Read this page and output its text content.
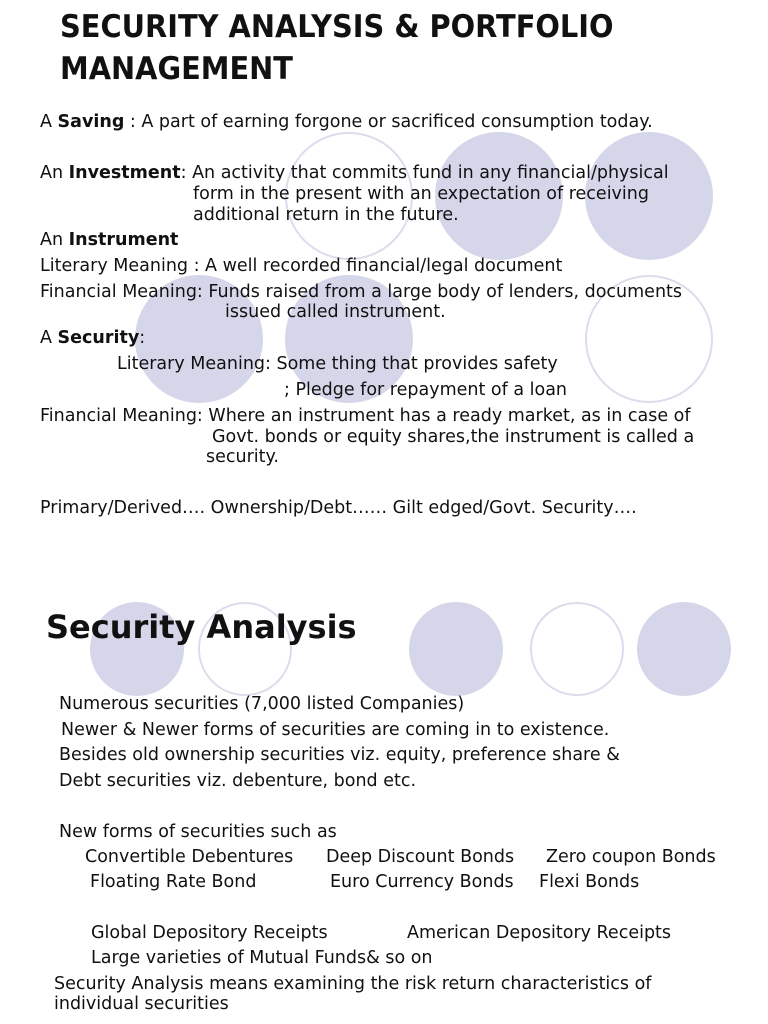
SECURITY ANALYSIS & PORTFOLIO
MANAGEMENT
A Saving : A part of earning forgone or sacrificed consumption today.
An Investment: An activity that commits fund in any financial/physical
form in the present with an expectation of receiving
additional return in the future.
An Instrument
Literary Meaning : A well recorded financial/legal document
Financial Meaning: Funds raised from a large body of lenders, documents
issued called instrument.
A Security:
Literary Meaning: Some thing that provides safety
; Pledge for repayment of a loan
Financial Meaning: Where an instrument has a ready market, as in case of
Govt. bonds or equity shares,the instrument is called a
security.
Primary/Derived…. Ownership/Debt…… Gilt edged/Govt. Security….
Security Analysis
Numerous securities (7,000 listed Companies)
Newer & Newer forms of securities are coming in to existence.
Besides old ownership securities viz. equity, preference share &
Debt securities viz. debenture, bond etc.
New forms of securities such as
Convertible Debentures Deep Discount Bonds Zero coupon Bonds
Floating Rate Bond	Euro Currency Bonds Flexi Bonds
Global Depository Receipts	American Depository Receipts
Large varieties of Mutual Funds& so on
Security Analysis means examining the risk return characteristics of
individual securities
